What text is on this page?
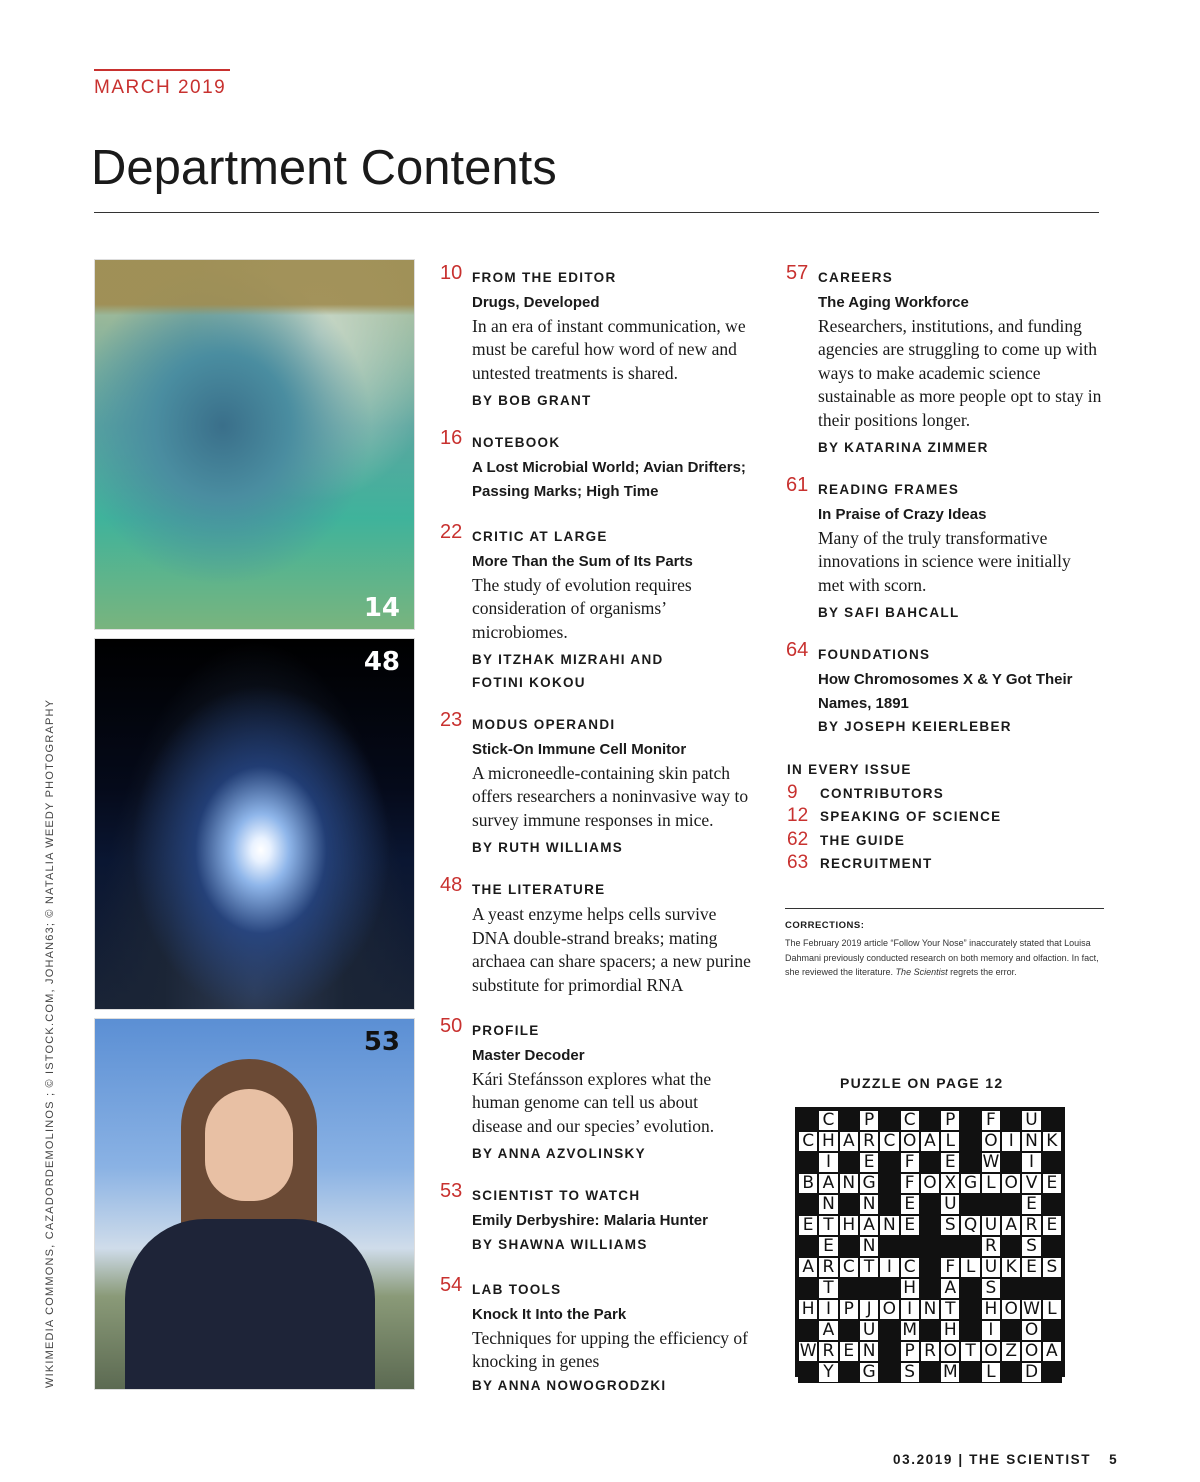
MARCH 2019
Department Contents
14
48
53
WIKIMEDIA COMMONS, CAZADORDEMOLINOS ; © ISTOCK.COM, JOHAN63; © NATALIA WEEDY PHOTOGRAPHY
10 FROM THE EDITOR
Drugs, Developed
In an era of instant communication, we must be careful how word of new and untested treatments is shared.
BY BOB GRANT
16 NOTEBOOK
A Lost Microbial World; Avian Drifters; Passing Marks; High Time
22 CRITIC AT LARGE
More Than the Sum of Its Parts
The study of evolution requires consideration of organisms’ microbiomes.
BY ITZHAK MIZRAHI AND FOTINI KOKOU
23 MODUS OPERANDI
Stick-On Immune Cell Monitor
A microneedle-containing skin patch offers researchers a noninvasive way to survey immune responses in mice.
BY RUTH WILLIAMS
48 THE LITERATURE
A yeast enzyme helps cells survive DNA double-strand breaks; mating archaea can share spacers; a new purine substitute for primordial RNA
50 PROFILE
Master Decoder
Kári Stefánsson explores what the human genome can tell us about disease and our species’ evolution.
BY ANNA AZVOLINSKY
53 SCIENTIST TO WATCH
Emily Derbyshire: Malaria Hunter
BY SHAWNA WILLIAMS
54 LAB TOOLS
Knock It Into the Park
Techniques for upping the efficiency of knocking in genes
BY ANNA NOWOGRODZKI
57 CAREERS
The Aging Workforce
Researchers, institutions, and funding agencies are struggling to come up with ways to make academic science sustainable as more people opt to stay in their positions longer.
BY KATARINA ZIMMER
61 READING FRAMES
In Praise of Crazy Ideas
Many of the truly transformative innovations in science were initially met with scorn.
BY SAFI BAHCALL
64 FOUNDATIONS
How Chromosomes X & Y Got Their Names, 1891
BY JOSEPH KEIERLEBER
IN EVERY ISSUE
9 CONTRIBUTORS
12 SPEAKING OF SCIENCE
62 THE GUIDE
63 RECRUITMENT
CORRECTIONS:
The February 2019 article “Follow Your Nose” inaccurately stated that Louisa Dahmani previously conducted research on both memory and olfaction. In fact, she reviewed the literature. The Scientist regrets the error.
PUZZLE ON PAGE 12
C P C P	F	U
C H A R C O A L	O I N K
I	E	F	E W	I
B A N G	F O X G L O V E
N N E U	E
E T H A N E S Q U A R E
E N	R S
A R C T I C	F L U K E S
T	H A S
H I P J O I N T H O W L
A U M H	I	O
W R E N P R O T O Z O A
Y G S M	L	D
03.2019 | THE SCIENTIST 5
